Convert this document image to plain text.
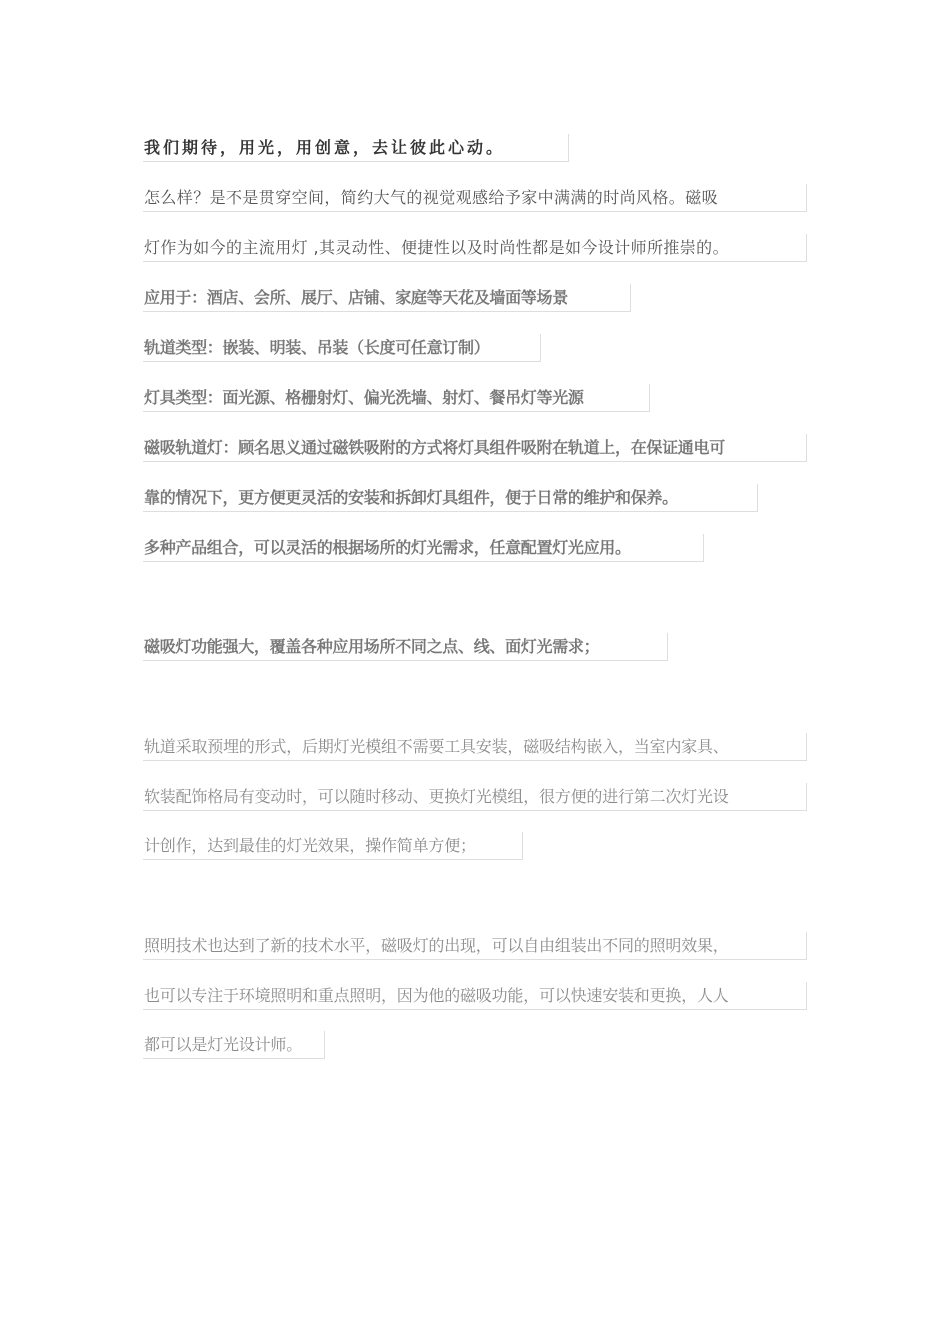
我们期待，用光，用创意，去让彼此心动。
怎么样？是不是贯穿空间，简约大气的视觉观感给予家中满满的时尚风格。磁吸
灯作为如今的主流用灯 ,其灵动性、便捷性以及时尚性都是如今设计师所推崇的。
应用于：酒店、会所、展厅、店铺、家庭等天花及墙面等场景
轨道类型：嵌装、明装、吊装（长度可任意订制）
灯具类型：面光源、格栅射灯、偏光洗墙、射灯、餐吊灯等光源
磁吸轨道灯：顾名思义通过磁铁吸附的方式将灯具组件吸附在轨道上，在保证通电可
靠的情况下，更方便更灵活的安装和拆卸灯具组件，便于日常的维护和保养。
多种产品组合，可以灵活的根据场所的灯光需求，任意配置灯光应用。
磁吸灯功能强大，覆盖各种应用场所不同之点、线、面灯光需求；
轨道采取预埋的形式，后期灯光模组不需要工具安装，磁吸结构嵌入，当室内家具、
软装配饰格局有变动时，可以随时移动、更换灯光模组，很方便的进行第二次灯光设
计创作，达到最佳的灯光效果，操作简单方便；
照明技术也达到了新的技术水平，磁吸灯的出现，可以自由组装出不同的照明效果，
也可以专注于环境照明和重点照明，因为他的磁吸功能，可以快速安装和更换，人人
都可以是灯光设计师。
